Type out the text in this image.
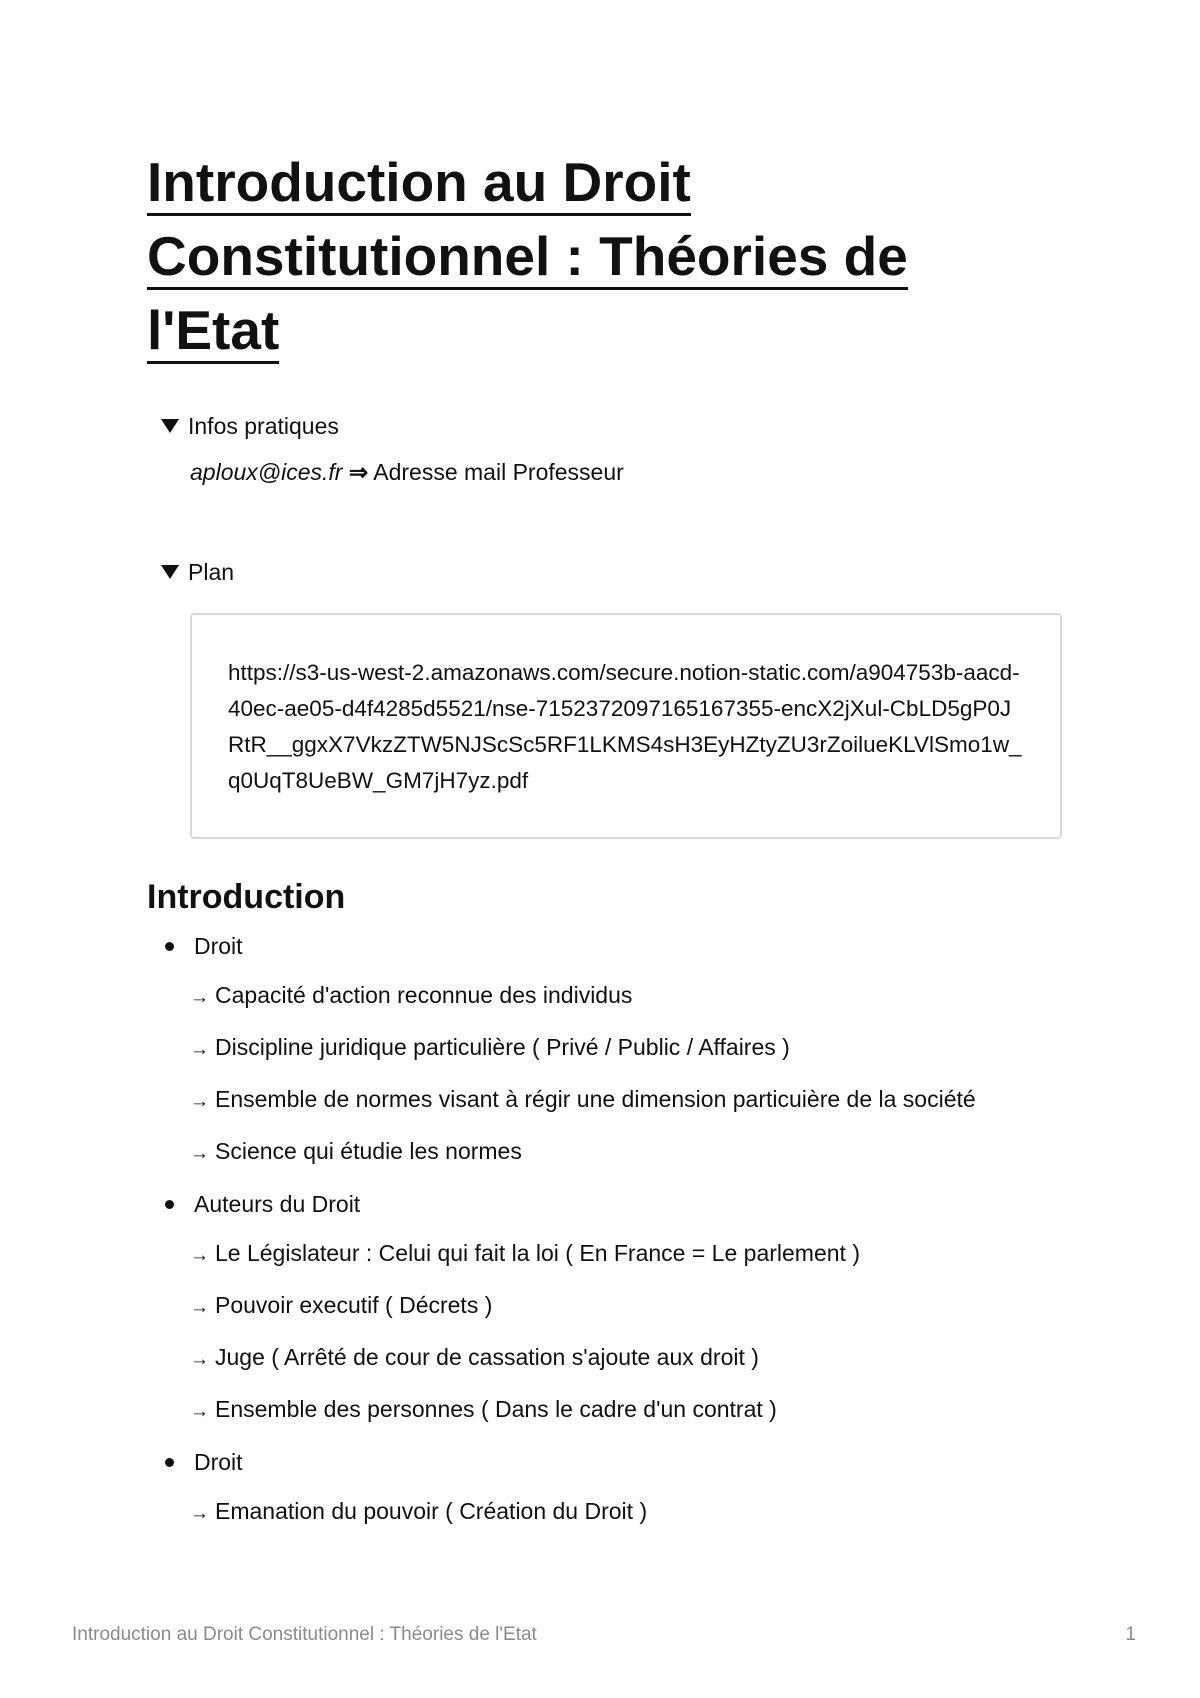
Introduction au Droit
Constitutionnel : Théories de
l'Etat
Infos pratiques
aploux@ices.fr ⇒ Adresse mail Professeur
Plan
https://s3-us-west-2.amazonaws.com/secure.notion-static.com/a904753b-aacd-40ec-ae05-d4f4285d5521/nse-7152372097165167355-encX2jXul-CbLD5gP0JRtR__ggxX7VkzZTW5NJScSc5RF1LKMS4sH3EyHZtyZU3rZoilueKLVlSmo1w_q0UqT8UeBW_GM7jH7yz.pdf
Introduction
Droit
→ Capacité d'action reconnue des individus
→ Discipline juridique particulière ( Privé / Public / Affaires )
→ Ensemble de normes visant à régir une dimension particuière de la société
→ Science qui étudie les normes
Auteurs du Droit
→ Le Législateur : Celui qui fait la loi ( En France = Le parlement )
→ Pouvoir executif ( Décrets )
→ Juge ( Arrêté de cour de cassation s'ajoute aux droit )
→ Ensemble des personnes ( Dans le cadre d'un contrat )
Droit
→ Emanation du pouvoir ( Création du Droit )
Introduction au Droit Constitutionnel : Théories de l'Etat	1
